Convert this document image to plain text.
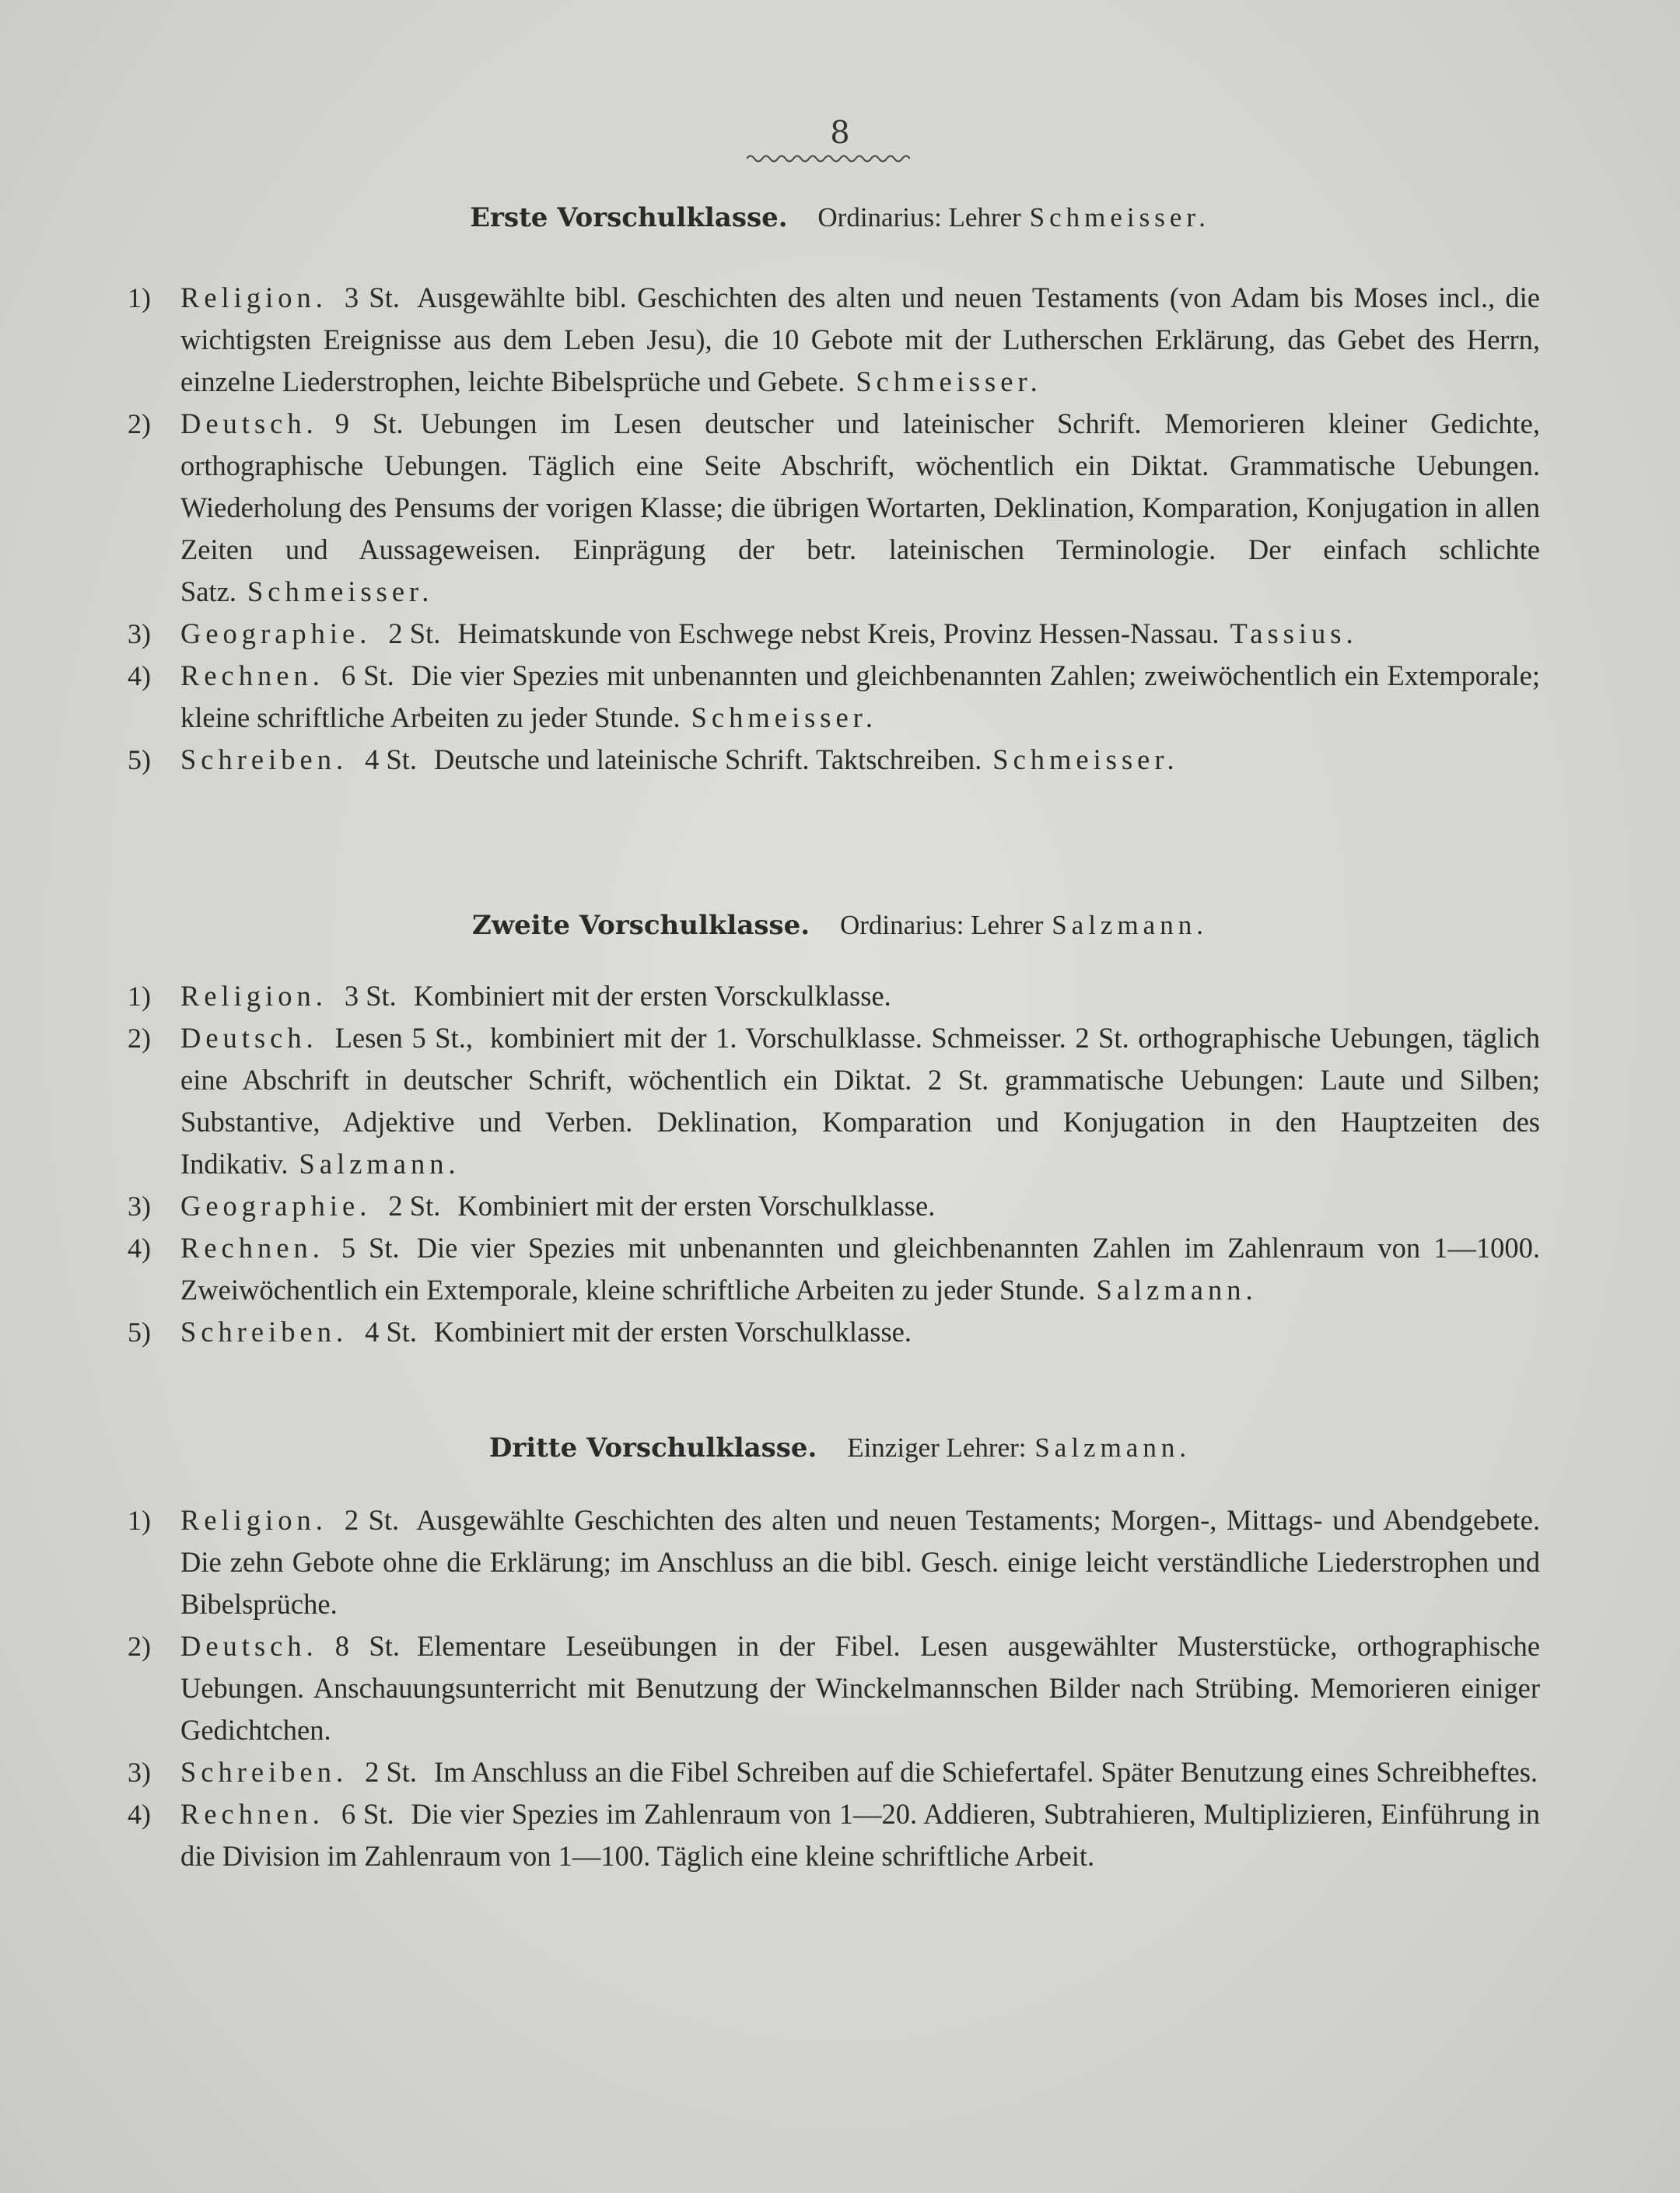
8
Erste Vorschulklasse. Ordinarius: Lehrer Schmeisser.
1) Religion. 3 St. Ausgewählte bibl. Geschichten des alten und neuen Testaments (von Adam bis Moses incl., die wichtigsten Ereignisse aus dem Leben Jesu), die 10 Gebote mit der Lutherschen Erklärung, das Gebet des Herrn, einzelne Liederstrophen, leichte Bibelsprüche und Gebete. Schmeisser.
2) Deutsch. 9 St. Uebungen im Lesen deutscher und lateinischer Schrift. Memorieren kleiner Gedichte, orthographische Uebungen. Täglich eine Seite Abschrift, wöchentlich ein Diktat. Grammatische Uebungen. Wiederholung des Pensums der vorigen Klasse; die übrigen Wortarten, Deklination, Komparation, Konjugation in allen Zeiten und Aussageweisen. Einprägung der betr. lateinischen Terminologie. Der einfach schlichte Satz. Schmeisser.
3) Geographie. 2 St. Heimatskunde von Eschwege nebst Kreis, Provinz Hessen-Nassau. Tassius.
4) Rechnen. 6 St. Die vier Spezies mit unbenannten und gleichbenannten Zahlen; zweiwöchentlich ein Extemporale; kleine schriftliche Arbeiten zu jeder Stunde. Schmeisser.
5) Schreiben. 4 St. Deutsche und lateinische Schrift. Taktschreiben. Schmeisser.
Zweite Vorschulklasse. Ordinarius: Lehrer Salzmann.
1) Religion. 3 St. Kombiniert mit der ersten Vorsckulklasse.
2) Deutsch. Lesen 5 St., kombiniert mit der 1. Vorschulklasse. Schmeisser. 2 St. orthographische Uebungen, täglich eine Abschrift in deutscher Schrift, wöchentlich ein Diktat. 2 St. grammatische Uebungen: Laute und Silben; Substantive, Adjektive und Verben. Deklination, Komparation und Konjugation in den Hauptzeiten des Indikativ. Salzmann.
3) Geographie. 2 St. Kombiniert mit der ersten Vorschulklasse.
4) Rechnen. 5 St. Die vier Spezies mit unbenannten und gleichbenannten Zahlen im Zahlenraum von 1—1000. Zweiwöchentlich ein Extemporale, kleine schriftliche Arbeiten zu jeder Stunde. Salzmann.
5) Schreiben. 4 St. Kombiniert mit der ersten Vorschulklasse.
Dritte Vorschulklasse. Einziger Lehrer: Salzmann.
1) Religion. 2 St. Ausgewählte Geschichten des alten und neuen Testaments; Morgen-, Mittags- und Abendgebete. Die zehn Gebote ohne die Erklärung; im Anschluss an die bibl. Gesch. einige leicht verständliche Liederstrophen und Bibelsprüche.
2) Deutsch. 8 St. Elementare Leseübungen in der Fibel. Lesen ausgewählter Musterstücke, orthographische Uebungen. Anschauungsunterricht mit Benutzung der Winckelmannschen Bilder nach Strübing. Memorieren einiger Gedichtchen.
3) Schreiben. 2 St. Im Anschluss an die Fibel Schreiben auf die Schiefertafel. Später Benutzung eines Schreibheftes.
4) Rechnen. 6 St. Die vier Spezies im Zahlenraum von 1—20. Addieren, Subtrahieren, Multiplizieren, Einführung in die Division im Zahlenraum von 1—100. Täglich eine kleine schriftliche Arbeit.
